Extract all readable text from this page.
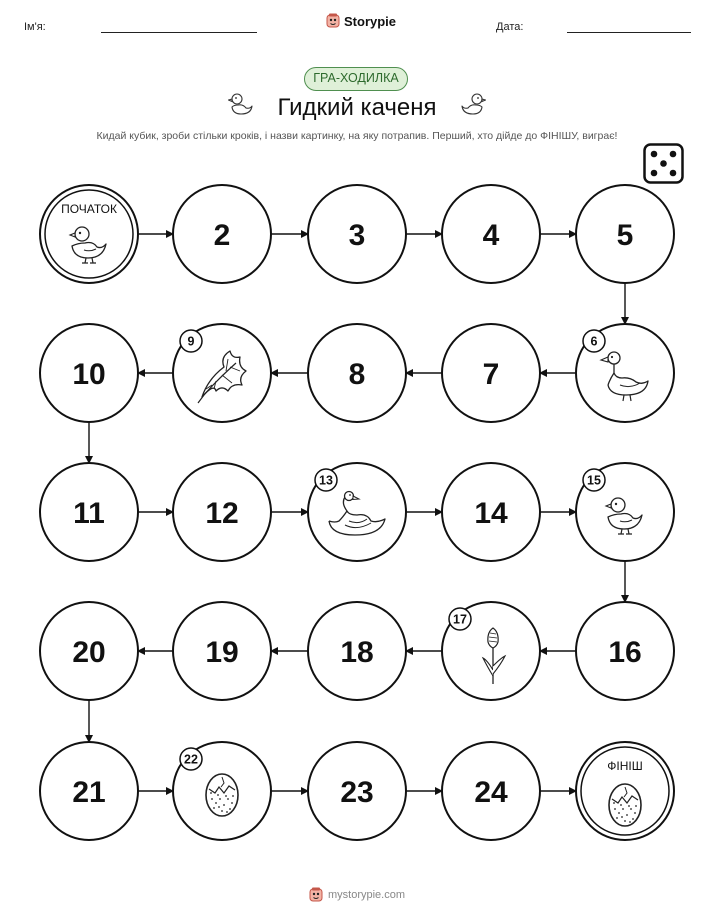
Ім'я:	Дата:
Storypie
ГРА-ХОДИЛКА
Гидкий каченя
Кидай кубик, зроби стільки кроків, і назви картинку, на яку потрапив. Перший, хто дійде до ФІНІШУ, виграє!
ПОЧАТОК
2	3	4	5
6
7
8
9
10
11	12
13
14
15
16
17
18
19
20
21
22
23	24
ФІНІШ
mystorypie.com
